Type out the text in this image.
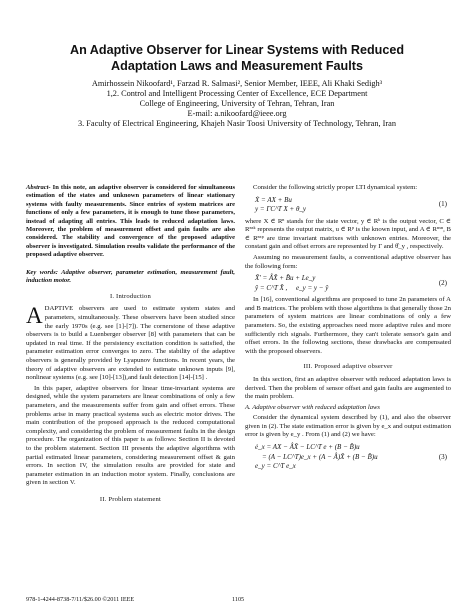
An Adaptive Observer for Linear Systems with Reduced
Adaptation Laws and Measurement Faults
Amirhossein Nikoofard¹, Farzad R. Salmasi², Senior Member, IEEE, Ali Khaki Sedigh³
1,2. Control and Intelligent Processing Center of Excellence, ECE Department
College of Engineering, University of Tehran, Tehran, Iran
E-mail: a.nikoofard@ieee.org
3. Faculty of Electrical Engineering, Khajeh Nasir Toosi University of Technology, Tehran, Iran

Abstract- In this note, an adaptive observer is considered for simultaneous estimation of the states and unknown parameters of linear stationary systems with faulty measurements. Since entries of system matrices are functions of only a few parameters, it is enough to tune those parameters, instead of adapting all entries. This leads to reduced adaptation laws. Moreover, the problem of measurement offset and gain faults are also considered. The stability and convergence of the proposed adaptive observer is investigated. Simulation results validate the performance of the proposed adaptive observer.

Key words: Adaptive observer, parameter estimation, measurement fault, induction motor.

I. Introduction

ADAPTIVE observers are used to estimate system states and parameters, simultaneously. These observers have been studied since the early 1970s (e.g. see [1]-[7]). The cornerstone of these adaptive observers is to build a Luenberger observer [8] with parameters that can be updated in real time. If the persistency excitation condition is satisfied, the parameter estimation error converges to zero. The stability of the adaptive observers is generally provided by Lyapunov functions. In recent years, the theory of adaptive observers are extended to estimate unknown inputs [9], nonlinear systems (e.g. see [10]-[13]),and fault detection [14]-[15] .

In this paper, adaptive observers for linear time-invariant systems are designed, while the system parameters are linear combinations of only a few parameters, and the measurements suffer from gain and offset errors. These problems arise in many practical systems such as electric motor drives. The main contribution of the proposed approach is the reduced computational complexity, and considering the problem of measurement faults in the design procedure. The organization of this paper is as follows: Section II is devoted to the problem statement. Section III presents the adaptive algorithms with partial estimated linear parameters, considering measurement offset & gain errors. In section IV, the simulation results are provided for state and parameter estimation in an induction motor system. Finally, conclusions are given in section V.

II. Problem statement

Consider the following strictly proper LTI dynamical system:

Ẋ = AX + Bu
y = ΓC^T X + θ_y
(1)

where X ∈ Rⁿ stands for the state vector, y ∈ Rᵏ is the output vector, C ∈ Rⁿˣᵏ represents the output matrix, u ∈ Rᵖ is the known input, and A ∈ Rⁿˣⁿ, B ∈ Rⁿˣᵖ are time invariant matrixes with unknown entries. Moreover, the constant gain and offset errors are represented by Γ and θ̂_y , respectively.

Assuming no measurement faults, a conventional adaptive observer has the following form:

X̂' = ÂX̂ + B̂u + Le_y
ŷ = C^T X̂ ,     e_y = y − ŷ
(2)

In [16], conventional algorithms are proposed to tune 2n parameters of A and B matrices. The problem with those algorithms is that generally those 2n parameters of system matrices are linear combinations of only a few parameters. So, the existing approaches need more adaptive rules and more sufficiently rich signals. Furthermore, they can't tolerate sensor's gain and offset errors. In the following sections, these drawbacks are compensated with the proposed observers.

III. Proposed adaptive observer

In this section, first an adaptive observer with reduced adaptation laws is derived. Then the problem of sensor offset and gain faults are augmented to the main problem.

A. Adaptive observer with reduced adaptation laws

Consider the dynamical system described by (1), and also the observer given in (2). The state estimation error is given by e_x and output estimation error is given by e_y . From (1) and (2) we have:

ė_x = AX − ÂX̂ − LC^T e + (B − B̂)u
= (A − LC^T)e_x + (A − Â)X̂ + (B − B̂)u
e_y = C^T e_x
(3)
978-1-4244-8738-7/11/$26.00 ©2011 IEEE	1105
